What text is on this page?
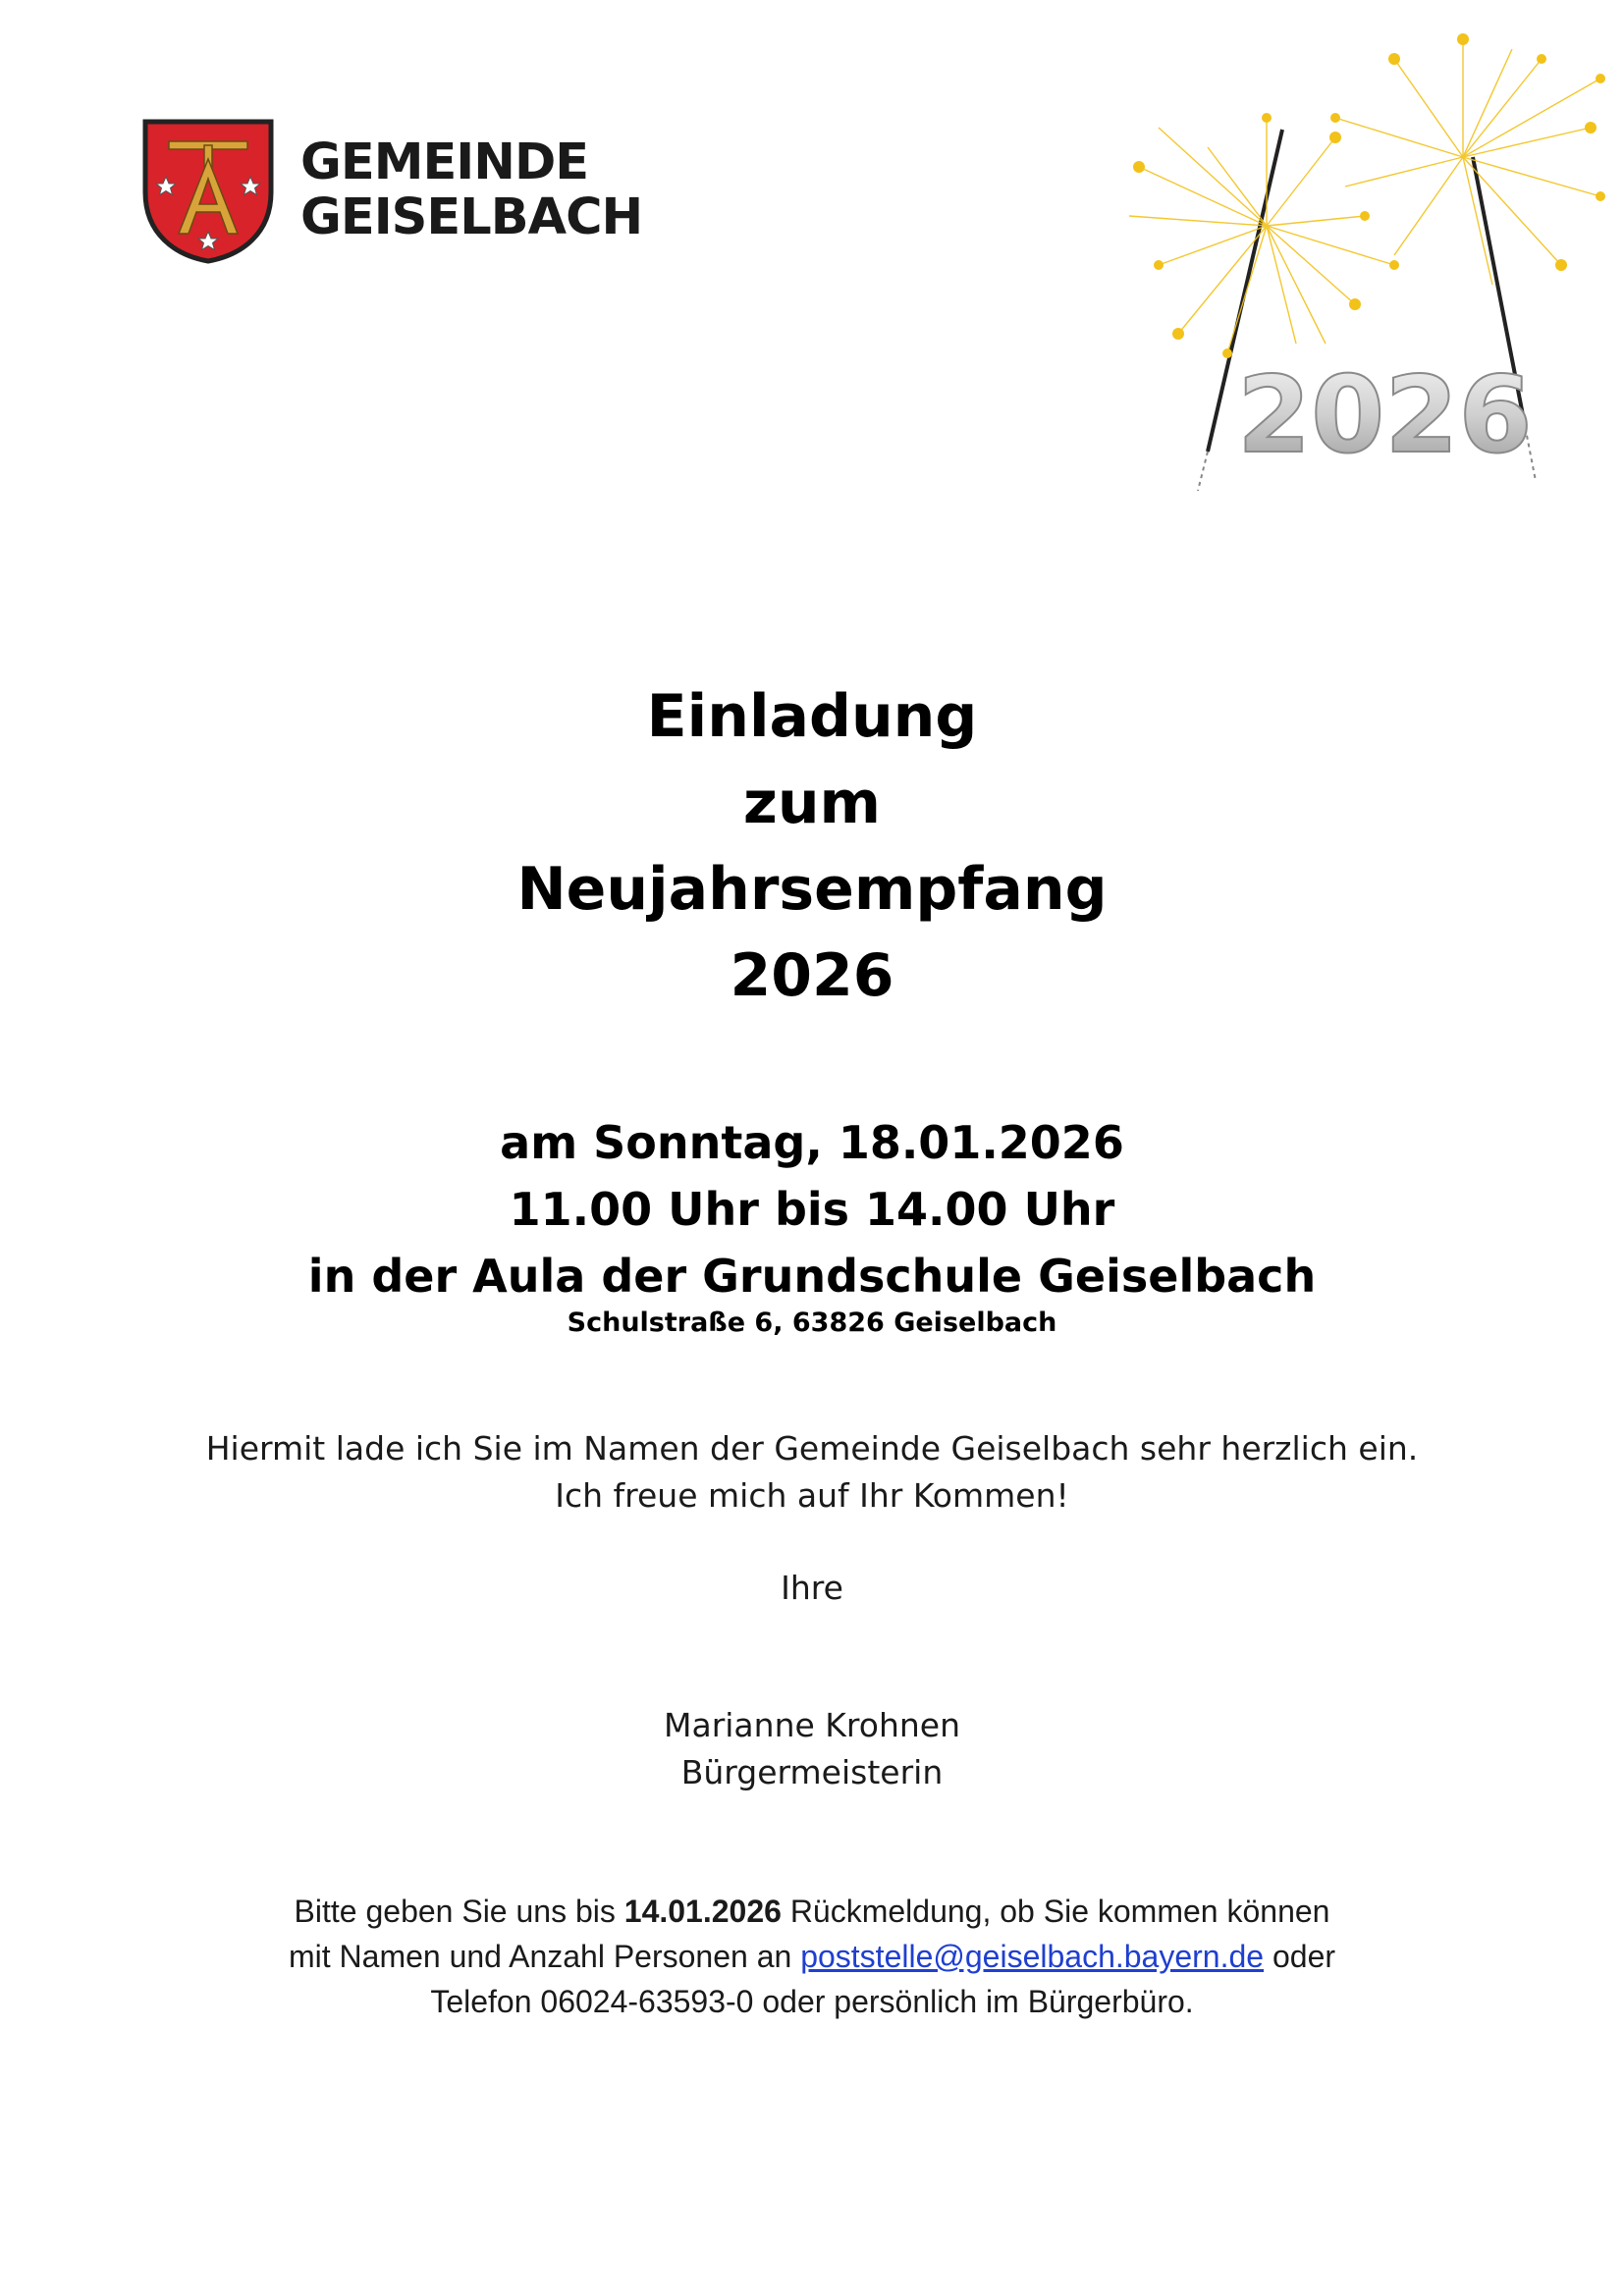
GEMEINDE
GEISELBACH
2026
Einladung
zum
Neujahrsempfang
2026
am Sonntag, 18.01.2026
11.00 Uhr bis 14.00 Uhr
in der Aula der Grundschule Geiselbach
Schulstraße 6, 63826 Geiselbach
Hiermit lade ich Sie im Namen der Gemeinde Geiselbach sehr herzlich ein.
Ich freue mich auf Ihr Kommen!
Ihre
Marianne Krohnen
Bürgermeisterin
Bitte geben Sie uns bis 14.01.2026 Rückmeldung, ob Sie kommen können
mit Namen und Anzahl Personen an poststelle@geiselbach.bayern.de oder
Telefon 06024-63593-0 oder persönlich im Bürgerbüro.
